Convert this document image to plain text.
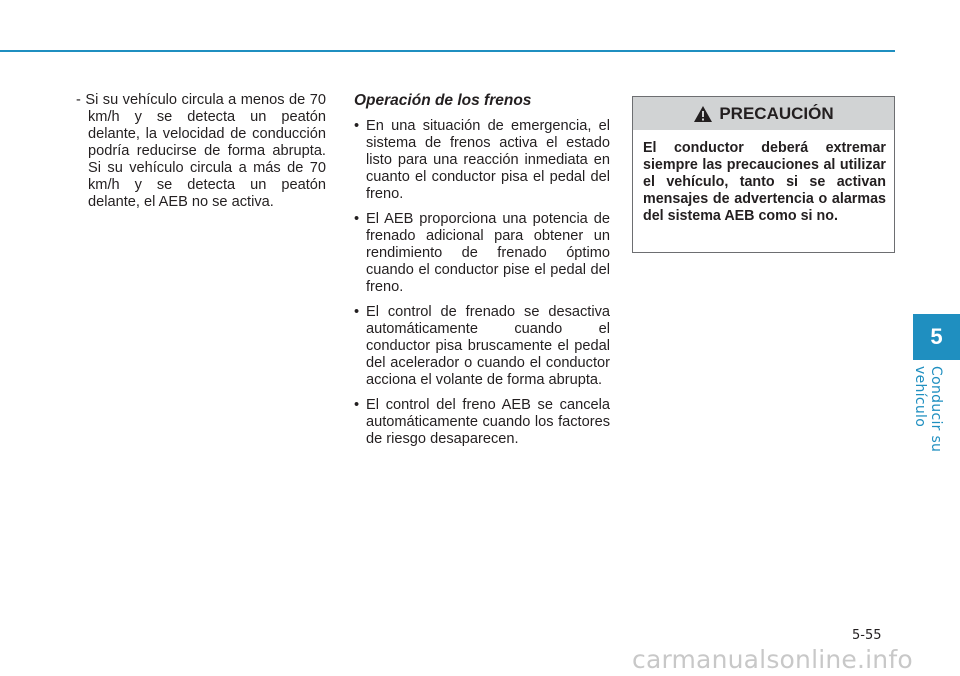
- Si su vehículo circula a menos de 70 km/h y se detecta un peatón delante, la velocidad de conducción podría reducirse de forma abrupta. Si su vehículo circula a más de 70 km/h y se detecta un peatón delante, el AEB no se activa.

Operación de los frenos
• En una situación de emergencia, el sistema de frenos activa el estado listo para una reacción inmediata en cuanto el conductor pisa el pedal del freno.
• El AEB proporciona una potencia de frenado adicional para obtener un rendimiento de frenado óptimo cuando el conductor pise el pedal del freno.
• El control de frenado se desactiva automáticamente cuando el conductor pisa bruscamente el pedal del acelerador o cuando el conductor acciona el volante de forma abrupta.
• El control del freno AEB se cancela automáticamente cuando los factores de riesgo desaparecen.
PRECAUCIÓN
El conductor deberá extremar siempre las precauciones al utilizar el vehículo, tanto si se activan mensajes de advertencia o alarmas del sistema AEB como si no.
5
Conducir su vehículo
5-55
carmanualsonline.info
